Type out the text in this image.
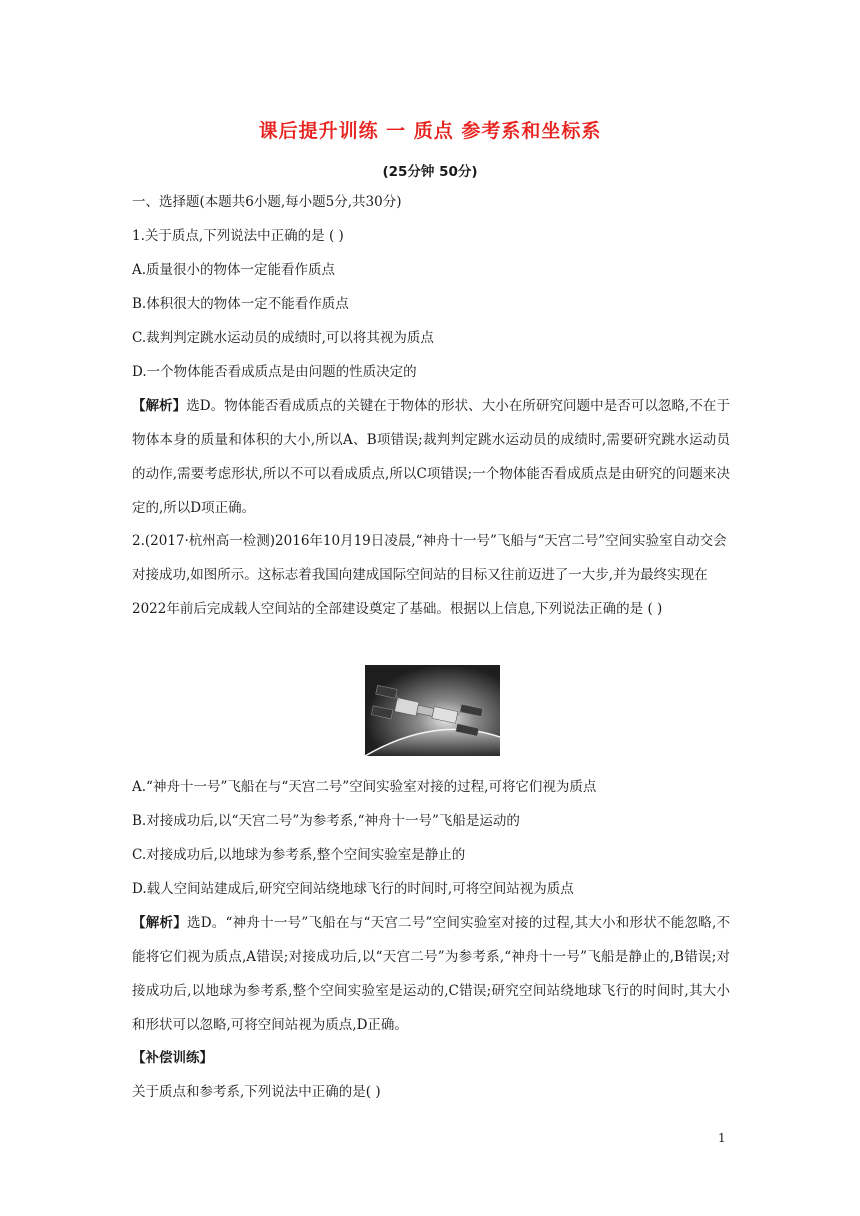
课后提升训练 一 质点 参考系和坐标系
(25分钟 50分)
一、选择题(本题共6小题,每小题5分,共30分)
1.关于质点,下列说法中正确的是 ( )
A.质量很小的物体一定能看作质点
B.体积很大的物体一定不能看作质点
C.裁判判定跳水运动员的成绩时,可以将其视为质点
D.一个物体能否看成质点是由问题的性质决定的
【解析】选D。物体能否看成质点的关键在于物体的形状、大小在所研究问题中是否可以忽略,不在于物体本身的质量和体积的大小,所以A、B项错误;裁判判定跳水运动员的成绩时,需要研究跳水运动员的动作,需要考虑形状,所以不可以看成质点,所以C项错误;一个物体能否看成质点是由研究的问题来决定的,所以D项正确。
2.(2017·杭州高一检测)2016年10月19日凌晨,“神舟十一号”飞船与“天宫二号”空间实验室自动交会对接成功,如图所示。这标志着我国向建成国际空间站的目标又往前迈进了一大步,并为最终实现在2022年前后完成载人空间站的全部建设奠定了基础。根据以上信息,下列说法正确的是 ( )
A.“神舟十一号”飞船在与“天宫二号”空间实验室对接的过程,可将它们视为质点
B.对接成功后,以“天宫二号”为参考系,“神舟十一号”飞船是运动的
C.对接成功后,以地球为参考系,整个空间实验室是静止的
D.载人空间站建成后,研究空间站绕地球飞行的时间时,可将空间站视为质点
【解析】选D。“神舟十一号”飞船在与“天宫二号”空间实验室对接的过程,其大小和形状不能忽略,不能将它们视为质点,A错误;对接成功后,以“天宫二号”为参考系,“神舟十一号”飞船是静止的,B错误;对接成功后,以地球为参考系,整个空间实验室是运动的,C错误;研究空间站绕地球飞行的时间时,其大小和形状可以忽略,可将空间站视为质点,D正确。
【补偿训练】
关于质点和参考系,下列说法中正确的是( )
1
